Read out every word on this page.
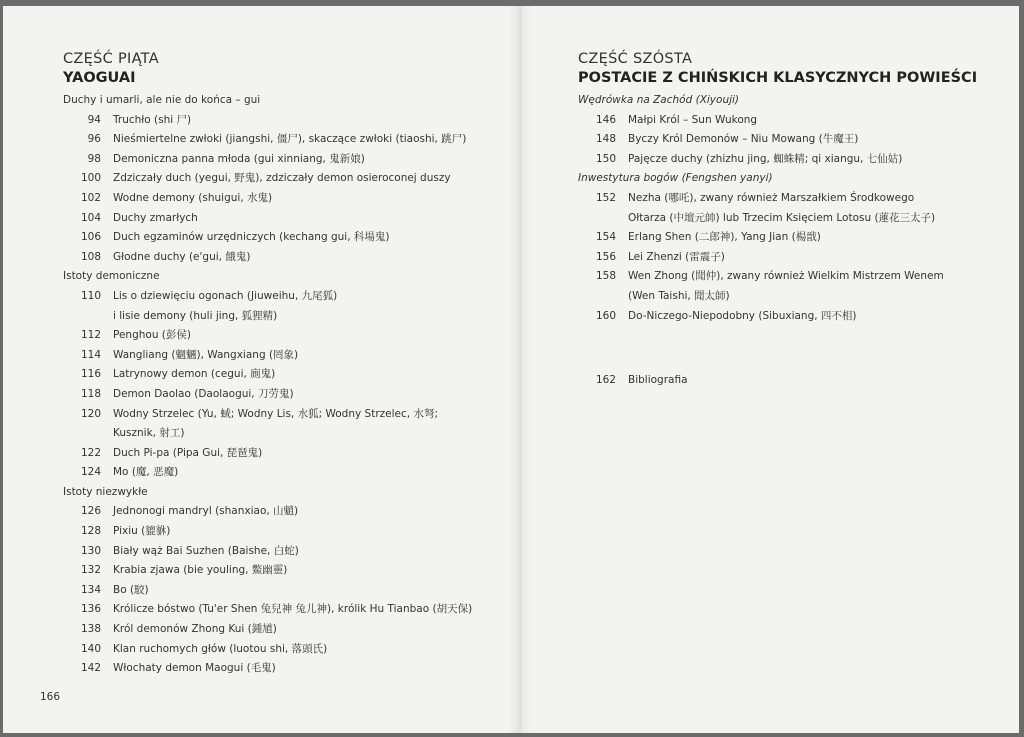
CZĘŚĆ PIĄTA
YAOGUAI
Duchy i umarli, ale nie do końca – gui
94	Truchło (shi 尸)
96	Nieśmiertelne zwłoki (jiangshi, 僵尸), skaczące zwłoki (tiaoshi, 跳尸)
98	Demoniczna panna młoda (gui xinniang, 鬼新娘)
100	Zdziczały duch (yegui, 野鬼), zdziczały demon osieroconej duszy
102	Wodne demony (shuigui, 水鬼)
104	Duchy zmarłych
106	Duch egzaminów urzędniczych (kechang gui, 科場鬼)
108	Głodne duchy (e'gui, 餓鬼)
Istoty demoniczne
110	Lis o dziewięciu ogonach (Jiuweihu, 九尾狐)
i lisie demony (huli jing, 狐狸精)
112	Penghou (彭侯)
114	Wangliang (魍魎), Wangxiang (罔象)
116	Latrynowy demon (cegui, 廁鬼)
118	Demon Daolao (Daolaogui, 刀劳鬼)
120	Wodny Strzelec (Yu, 蜮; Wodny Lis, 水狐; Wodny Strzelec, 水弩;
Kusznik, 射工)
122	Duch Pi-pa (Pipa Gui, 琵琶鬼)
124	Mo (魔, 恶魔)
Istoty niezwykłe
126	Jednonogi mandryl (shanxiao, 山魈)
128	Pixiu (貔貅)
130	Biały wąż Bai Suzhen (Baishe, 白蛇)
132	Krabia zjawa (bie youling, 鱉幽靈)
134	Bo (駮)
136	Królicze bóstwo (Tu'er Shen 兔兒神 兔儿神), królik Hu Tianbao (胡天保)
138	Król demonów Zhong Kui (鍾馗)
140	Klan ruchomych głów (luotou shi, 落頭氏)
142	Włochaty demon Maogui (毛鬼)
CZĘŚĆ SZÓSTA
POSTACIE Z CHIŃSKICH KLASYCZNYCH POWIEŚCI
Wędrówka na Zachód (Xiyouji)
146	Małpi Król – Sun Wukong
148	Byczy Król Demonów – Niu Mowang (牛魔王)
150	Pajęcze duchy (zhizhu jing, 蜘蛛精; qi xiangu, 七仙姑)
Inwestytura bogów (Fengshen yanyi)
152	Nezha (哪吒), zwany również Marszałkiem Środkowego
Ołtarza (中壇元帥) lub Trzecim Księciem Lotosu (蓮花三太子)
154	Erlang Shen (二郎神), Yang Jian (楊戩)
156	Lei Zhenzi (雷震子)
158	Wen Zhong (聞仲), zwany również Wielkim Mistrzem Wenem
(Wen Taishi, 聞太師)
160	Do-Niczego-Niepodobny (Sibuxiang, 四不相)
162	Bibliografia
166
